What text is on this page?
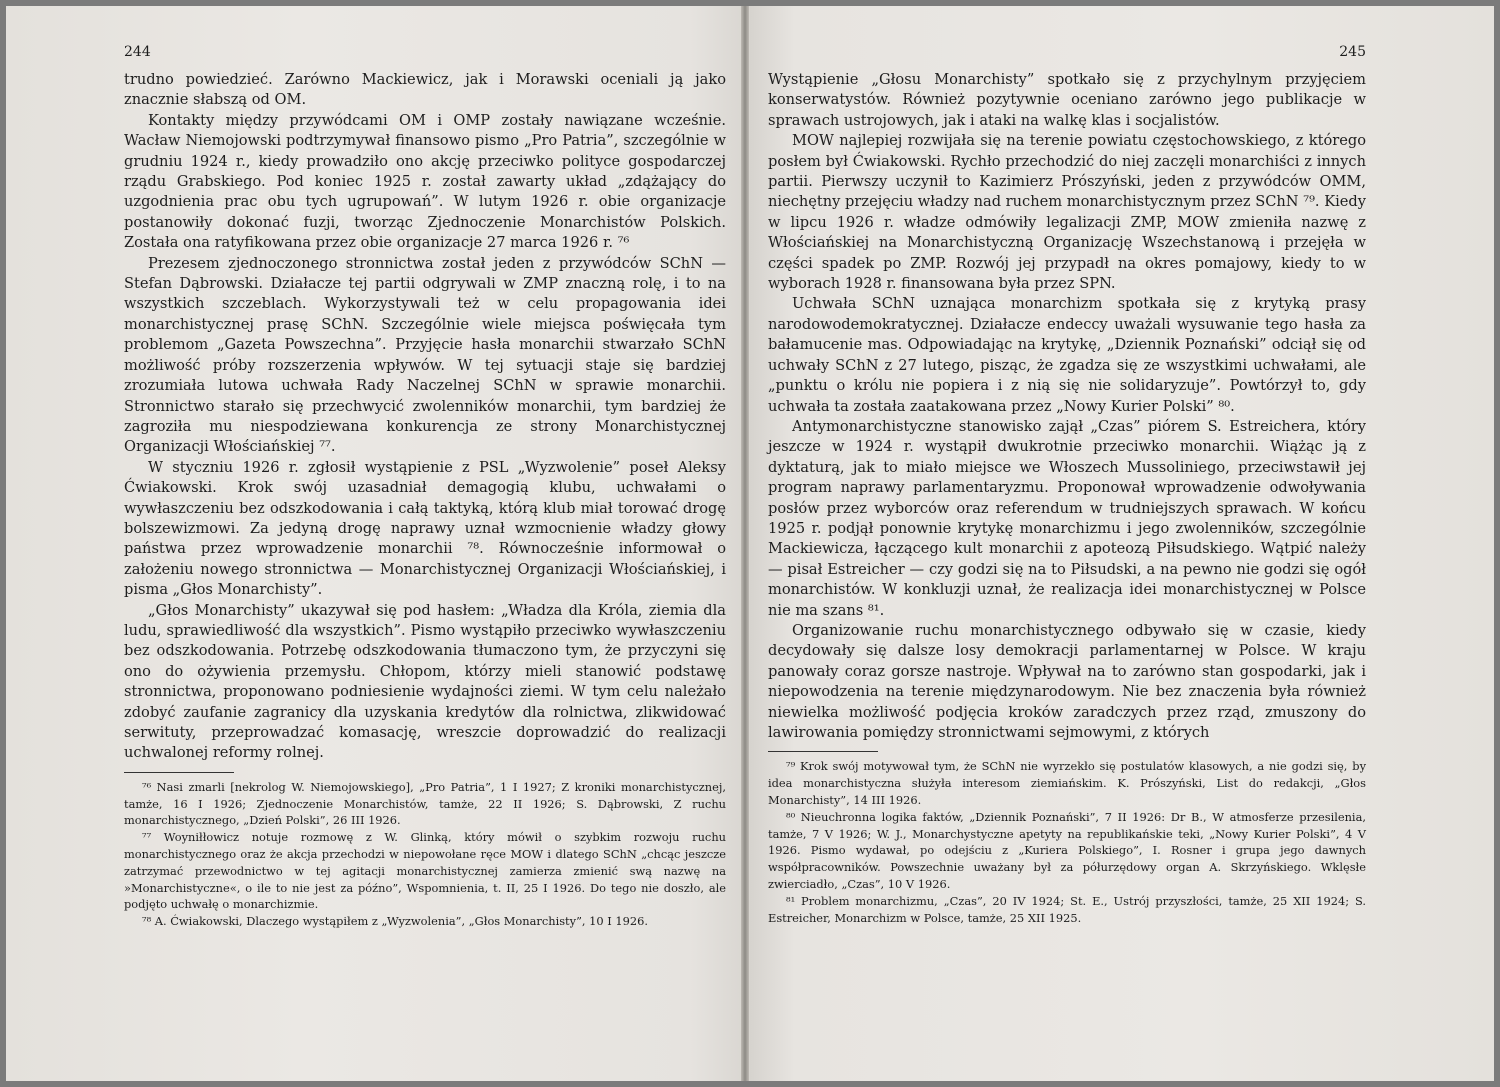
244

trudno powiedzieć. Zarówno Mackiewicz, jak i Morawski oceniali ją jako znacznie słabszą od OM.

Kontakty między przywódcami OM i OMP zostały nawiązane wcześnie. Wacław Niemojowski podtrzymywał finansowo pismo „Pro Patria”, szczególnie w grudniu 1924 r., kiedy prowadziło ono akcję przeciwko polityce gospodarczej rządu Grabskiego. Pod koniec 1925 r. został zawarty układ „zdążający do uzgodnienia prac obu tych ugrupowań”. W lutym 1926 r. obie organizacje postanowiły dokonać fuzji, tworząc Zjednoczenie Monarchistów Polskich. Została ona ratyfikowana przez obie organizacje 27 marca 1926 r. ⁷⁶

Prezesem zjednoczonego stronnictwa został jeden z przywódców SChN — Stefan Dąbrowski. Działacze tej partii odgrywali w ZMP znaczną rolę, i to na wszystkich szczeblach. Wykorzystywali też w celu propagowania idei monarchistycznej prasę SChN. Szczególnie wiele miejsca poświęcała tym problemom „Gazeta Powszechna”. Przyjęcie hasła monarchii stwarzało SChN możliwość próby rozszerzenia wpływów. W tej sytuacji staje się bardziej zrozumiała lutowa uchwała Rady Naczelnej SChN w sprawie monarchii. Stronnictwo starało się przechwycić zwolenników monarchii, tym bardziej że zagroziła mu niespodziewana konkurencja ze strony Monarchistycznej Organizacji Włościańskiej ⁷⁷.

W styczniu 1926 r. zgłosił wystąpienie z PSL „Wyzwolenie” poseł Aleksy Ćwiakowski. Krok swój uzasadniał demagogią klubu, uchwałami o wywłaszczeniu bez odszkodowania i całą taktyką, którą klub miał torować drogę bolszewizmowi. Za jedyną drogę naprawy uznał wzmocnienie władzy głowy państwa przez wprowadzenie monarchii ⁷⁸. Równocześnie informował o założeniu nowego stronnictwa — Monarchistycznej Organizacji Włościańskiej, i pisma „Głos Monarchisty”.

„Głos Monarchisty” ukazywał się pod hasłem: „Władza dla Króla, ziemia dla ludu, sprawiedliwość dla wszystkich”. Pismo wystąpiło przeciwko wywłaszczeniu bez odszkodowania. Potrzebę odszkodowania tłumaczono tym, że przyczyni się ono do ożywienia przemysłu. Chłopom, którzy mieli stanowić podstawę stronnictwa, proponowano podniesienie wydajności ziemi. W tym celu należało zdobyć zaufanie zagranicy dla uzyskania kredytów dla rolnictwa, zlikwidować serwituty, przeprowadzać komasację, wreszcie doprowadzić do realizacji uchwalonej reformy rolnej.

⁷⁶ Nasi zmarli [nekrolog W. Niemojowskiego], „Pro Patria”, 1 I 1927; Z kroniki monarchistycznej, tamże, 16 I 1926; Zjednoczenie Monarchistów, tamże, 22 II 1926; S. Dąbrowski, Z ruchu monarchistycznego, „Dzień Polski”, 26 III 1926.

⁷⁷ Woyniłłowicz notuje rozmowę z W. Glinką, który mówił o szybkim rozwoju ruchu monarchistycznego oraz że akcja przechodzi w niepowołane ręce MOW i dlatego SChN „chcąc jeszcze zatrzymać przewodnictwo w tej agitacji monarchistycznej zamierza zmienić swą nazwę na »Monarchistyczne«, o ile to nie jest za późno”, Wspomnienia, t. II, 25 I 1926. Do tego nie doszło, ale podjęto uchwałę o monarchizmie.

⁷⁸ A. Ćwiakowski, Dlaczego wystąpiłem z „Wyzwolenia”, „Głos Monarchisty”, 10 I 1926.

245

Wystąpienie „Głosu Monarchisty” spotkało się z przychylnym przyjęciem konserwatystów. Również pozytywnie oceniano zarówno jego publikacje w sprawach ustrojowych, jak i ataki na walkę klas i socjalistów.

MOW najlepiej rozwijała się na terenie powiatu częstochowskiego, z którego posłem był Ćwiakowski. Rychło przechodzić do niej zaczęli monarchiści z innych partii. Pierwszy uczynił to Kazimierz Prószyński, jeden z przywódców OMM, niechętny przejęciu władzy nad ruchem monarchistycznym przez SChN ⁷⁹. Kiedy w lipcu 1926 r. władze odmówiły legalizacji ZMP, MOW zmieniła nazwę z Włościańskiej na Monarchistyczną Organizację Wszechstanową i przejęła w części spadek po ZMP. Rozwój jej przypadł na okres pomajowy, kiedy to w wyborach 1928 r. finansowana była przez SPN.

Uchwała SChN uznająca monarchizm spotkała się z krytyką prasy narodowodemokratycznej. Działacze endeccy uważali wysuwanie tego hasła za bałamucenie mas. Odpowiadając na krytykę, „Dziennik Poznański” odciął się od uchwały SChN z 27 lutego, pisząc, że zgadza się ze wszystkimi uchwałami, ale „punktu o królu nie popiera i z nią się nie solidaryzuje”. Powtórzył to, gdy uchwała ta została zaatakowana przez „Nowy Kurier Polski” ⁸⁰.

Antymonarchistyczne stanowisko zajął „Czas” piórem S. Estreichera, który jeszcze w 1924 r. wystąpił dwukrotnie przeciwko monarchii. Wiążąc ją z dyktaturą, jak to miało miejsce we Włoszech Mussoliniego, przeciwstawił jej program naprawy parlamentaryzmu. Proponował wprowadzenie odwoływania posłów przez wyborców oraz referendum w trudniejszych sprawach. W końcu 1925 r. podjął ponownie krytykę monarchizmu i jego zwolenników, szczególnie Mackiewicza, łączącego kult monarchii z apoteozą Piłsudskiego. Wątpić należy — pisał Estreicher — czy godzi się na to Piłsudski, a na pewno nie godzi się ogół monarchistów. W konkluzji uznał, że realizacja idei monarchistycznej w Polsce nie ma szans ⁸¹.

Organizowanie ruchu monarchistycznego odbywało się w czasie, kiedy decydowały się dalsze losy demokracji parlamentarnej w Polsce. W kraju panowały coraz gorsze nastroje. Wpływał na to zarówno stan gospodarki, jak i niepowodzenia na terenie międzynarodowym. Nie bez znaczenia była również niewielka możliwość podjęcia kroków zaradczych przez rząd, zmuszony do lawirowania pomiędzy stronnictwami sejmowymi, z których

⁷⁹ Krok swój motywował tym, że SChN nie wyrzekło się postulatów klasowych, a nie godzi się, by idea monarchistyczna służyła interesom ziemiańskim. K. Prószyński, List do redakcji, „Głos Monarchisty”, 14 III 1926.

⁸⁰ Nieuchronna logika faktów, „Dziennik Poznański”, 7 II 1926: Dr B., W atmosferze przesilenia, tamże, 7 V 1926; W. J., Monarchystyczne apetyty na republikańskie teki, „Nowy Kurier Polski”, 4 V 1926. Pismo wydawał, po odejściu z „Kuriera Polskiego”, I. Rosner i grupa jego dawnych współpracowników. Powszechnie uważany był za półurzędowy organ A. Skrzyńskiego. Wklęsłe zwierciadło, „Czas”, 10 V 1926.

⁸¹ Problem monarchizmu, „Czas”, 20 IV 1924; St. E., Ustrój przyszłości, tamże, 25 XII 1924; S. Estreicher, Monarchizm w Polsce, tamże, 25 XII 1925.
